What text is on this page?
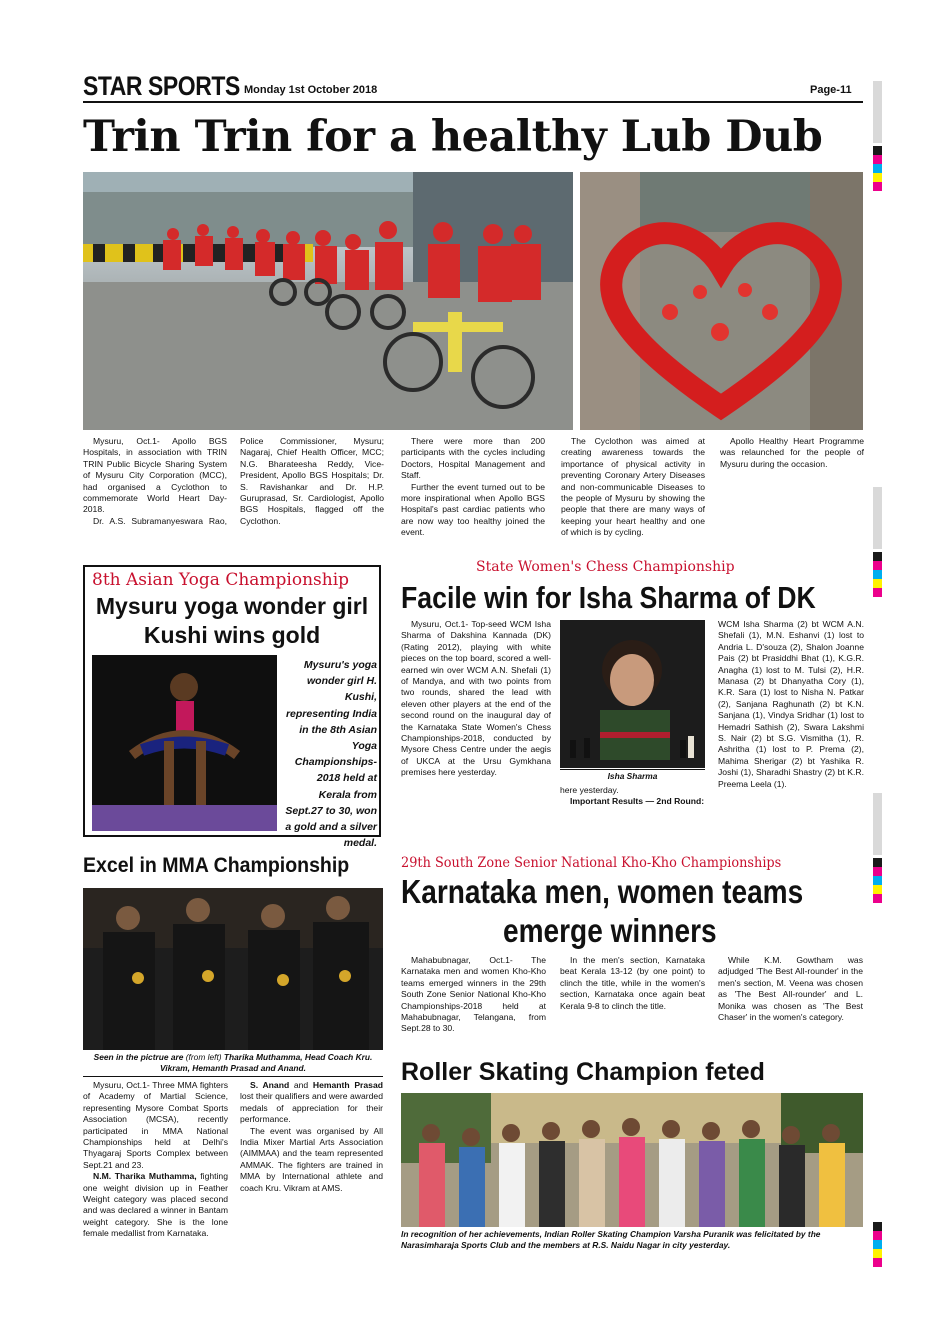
STAR SPORTS Monday 1st October 2018	Page-11
Trin Trin for a healthy Lub Dub

Mysuru, Oct.1- Apollo BGS Hospitals, in association with TRIN TRIN Public Bicycle Sharing System of Mysuru City Corporation (MCC), had organised a Cyclothon to commemorate World Heart Day-2018.

Dr. A.S. Subramanyeswara Rao,

Police Commissioner, Mysuru; Nagaraj, Chief Health Officer, MCC; N.G. Bharateesha Reddy, Vice-President, Apollo BGS Hospitals; Dr. S. Ravishankar and Dr. H.P. Guruprasad, Sr. Cardiologist, Apollo BGS Hospitals, flagged off the Cyclothon.

There were more than 200 participants with the cycles including Doctors, Hospital Management and Staff.

Further the event turned out to be more inspirational when Apollo BGS Hospital's past cardiac patients who are now way too healthy joined the event.

The Cyclothon was aimed at creating awareness towards the importance of physical activity in preventing Coronary Artery Diseases and non-communicable Diseases to the people of Mysuru by showing the people that there are many ways of keeping your heart healthy and one of which is by cycling.

Apollo Healthy Heart Programme was relaunched for the people of Mysuru during the occasion.

8th Asian Yoga Championship
Mysuru yoga wonder girl Kushi wins gold
Mysuru's yoga wonder girl H. Kushi, representing India in the 8th Asian Yoga Championships-2018 held at Kerala from Sept.27 to 30, won a gold and a silver medal.
State Women's Chess Championship
Facile win for Isha Sharma of DK

Mysuru, Oct.1- Top-seed WCM Isha Sharma of Dakshina Kannada (DK) (Rating 2012), playing with white pieces on the top board, scored a well-earned win over WCM A.N. Shefali (1) of Mandya, and with two points from two rounds, shared the lead with eleven other players at the end of the second round on the inaugural day of the Karnataka State Women's Chess Championships-2018, conducted by Mysore Chess Centre under the aegis of UKCA at the Ursu Gymkhana premises here yesterday.	Isha Sharma

here yesterday.

Important Results — 2nd Round:

WCM Isha Sharma (2) bt WCM A.N. Shefali (1), M.N. Eshanvi (1) lost to Andria L. D'souza (2), Shalon Joanne Pais (2) bt Prasiddhi Bhat (1), K.G.R. Anagha (1) lost to M. Tulsi (2), H.R. Manasa (2) bt Dhanyatha Cory (1), K.R. Sara (1) lost to Nisha N. Patkar (2), Sanjana Raghunath (2) bt K.N. Sanjana (1), Vindya Sridhar (1) lost to Hemadri Sathish (2), Swara Lakshmi S. Nair (2) bt S.G. Vismitha (1), R. Ashritha (1) lost to P. Prema (2), Mahima Sherigar (2) bt Yashika R. Joshi (1), Sharadhi Shastry (2) bt K.R. Preema Leela (1).

Excel in MMA Championship
Seen in the pictrue are (from left) Tharika Muthamma, Head Coach Kru. Vikram, Hemanth Prasad and Anand.

Mysuru, Oct.1- Three MMA fighters of Academy of Martial Science, representing Mysore Combat Sports Association (MCSA), recently participated in MMA National Championships held at Delhi's Thyagaraj Sports Complex between Sept.21 and 23.

N.M. Tharika Muthamma, fighting one weight division up in Feather Weight category was placed second and was declared a winner in Bantam weight category. She is the lone female medallist from Karnataka.

S. Anand and Hemanth Prasad lost their qualifiers and were awarded medals of appreciation for their performance.

The event was organised by All India Mixer Martial Arts Association (AIMMAA) and the team represented AMMAK. The fighters are trained in MMA by International athlete and coach Kru. Vikram at AMS.

29th South Zone Senior National Kho-Kho Championships
Karnataka men, women teams
emerge winners

Mahabubnagar, Oct.1- The Karnataka men and women Kho-Kho teams emerged winners in the 29th South Zone Senior National Kho-Kho Championships-2018 held at Mahabubnagar, Telangana, from Sept.28 to 30.

In the men's section, Karnataka beat Kerala 13-12 (by one point) to clinch the title, while in the women's section, Karnataka once again beat Kerala 9-8 to clinch the title.

While K.M. Gowtham was adjudged 'The Best All-rounder' in the men's section, M. Veena was chosen as 'The Best All-rounder' and L. Monika was chosen as 'The Best Chaser' in the women's category.

Roller Skating Champion feted
In recognition of her achievements, Indian Roller Skating Champion Varsha Puranik was felicitated by the Narasimharaja Sports Club and the members at R.S. Naidu Nagar in city yesterday.
